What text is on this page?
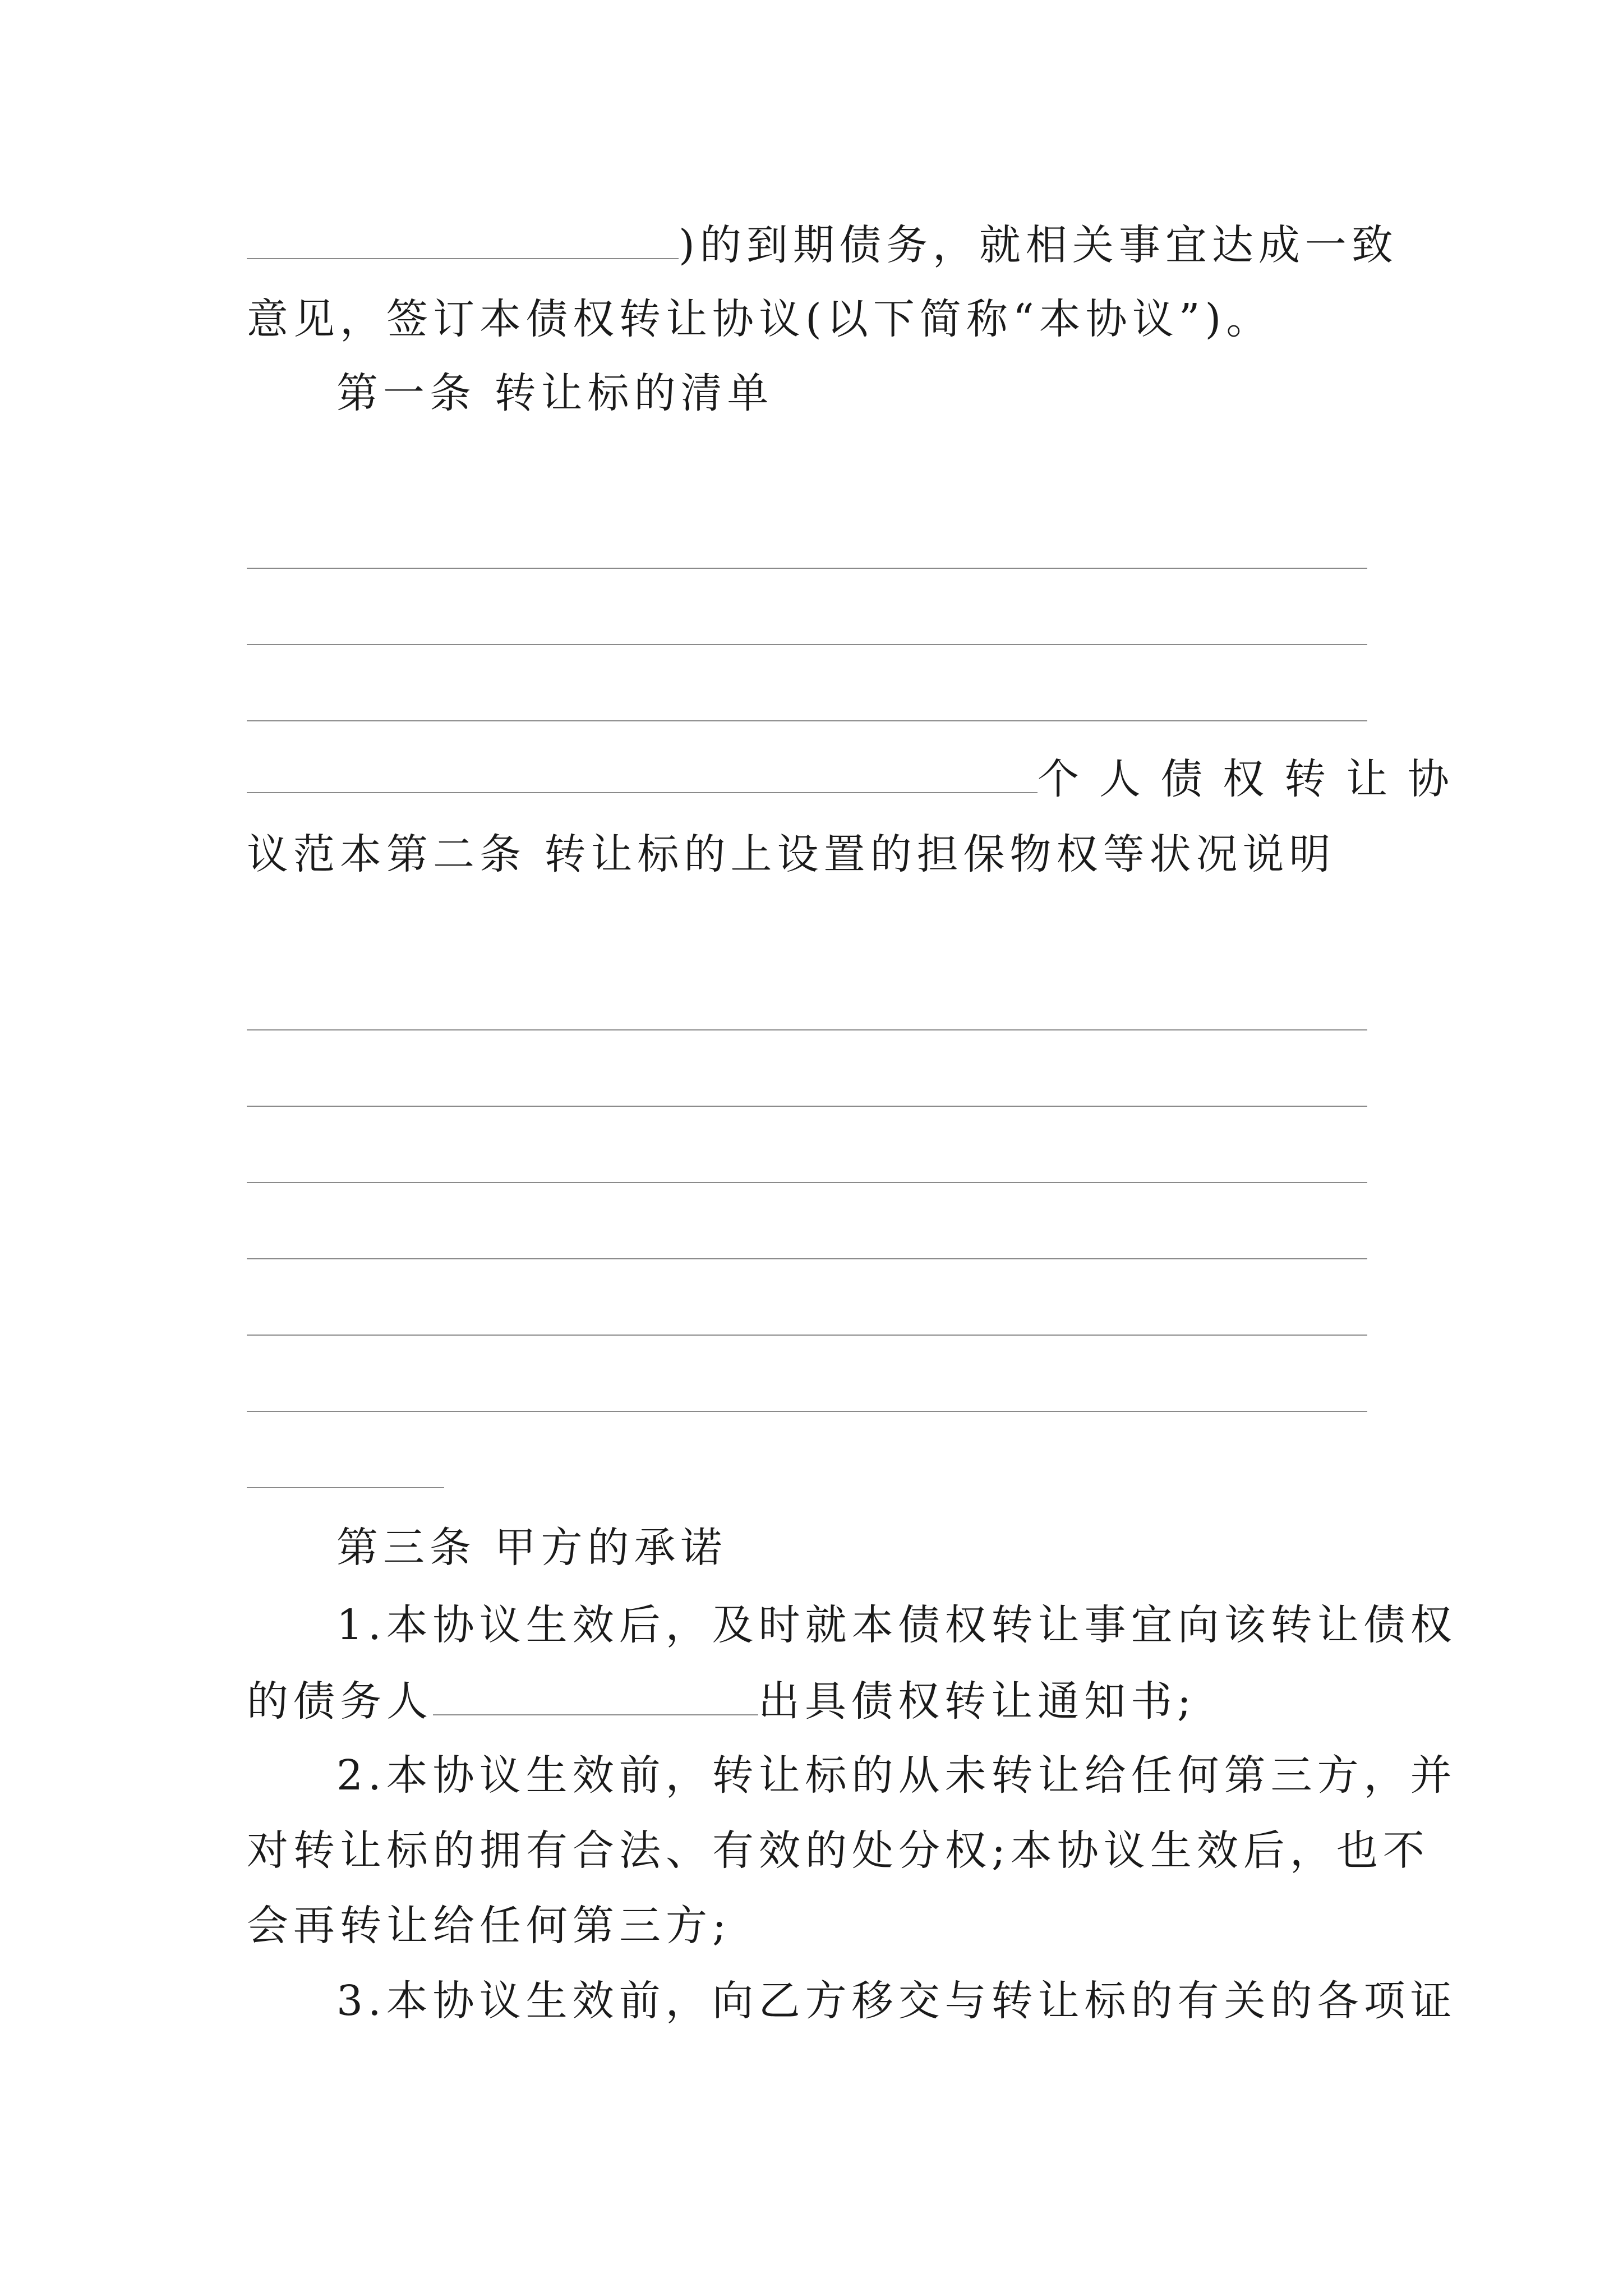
)的到期债务，就相关事宜达成一致
意见，签订本债权转让协议(以下简称“本协议”)。
第一条 转让标的清单
个人债权转让协
议范本第二条 转让标的上设置的担保物权等状况说明
第三条 甲方的承诺
1.本协议生效后，及时就本债权转让事宜向该转让债权
的债务人	出具债权转让通知书;
2.本协议生效前，转让标的从未转让给任何第三方，并
对转让标的拥有合法、有效的处分权;本协议生效后，也不
会再转让给任何第三方;
3.本协议生效前，向乙方移交与转让标的有关的各项证
